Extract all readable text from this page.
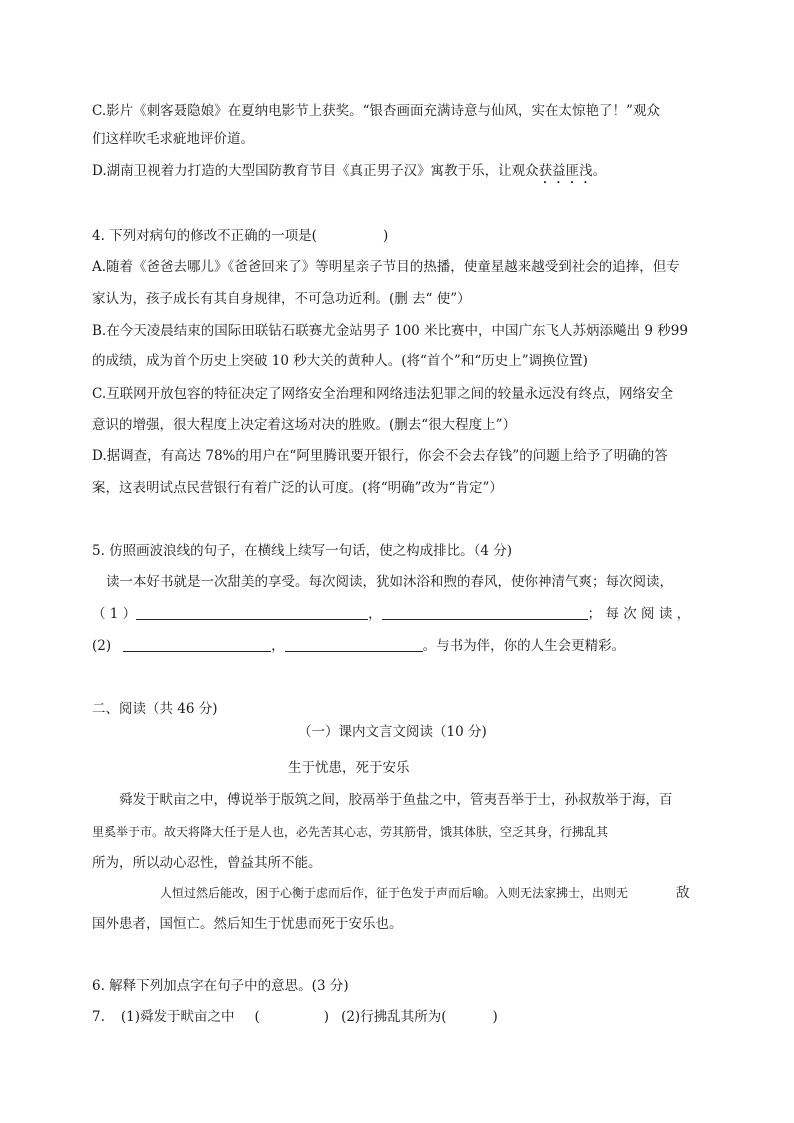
C.影片《刺客聂隐娘》在夏纳电影节上获奖。“银杏画面充满诗意与仙风，实在太惊艳了！”观众
们这样吹毛求疵地评价道。
D.湖南卫视着力打造的大型国防教育节目《真正男子汉》寓教于乐，让观众获益匪浅。
4. 下列对病句的修改不正确的一项是(	)
A.随着《爸爸去哪儿》《爸爸回来了》等明星亲子节目的热播，使童星越来越受到社会的追捧，但专
家认为，孩子成长有其自身规律，不可急功近利。(删 去“ 使”）
B.在今天凌晨结束的国际田联钻石联赛尤金站男子 100 米比赛中，中国广东飞人苏炳添飚出 9 秒99
的成绩，成为首个历史上突破 10 秒大关的黄种人。(将“首个”和“历史上”调换位置)
C.互联网开放包容的特征决定了网络安全治理和网络违法犯罪之间的较量永远没有终点，网络安全
意识的增强，很大程度上决定着这场对决的胜败。(删去“很大程度上”）
D.据调查，有高达 78%的用户在“阿里腾讯要开银行，你会不会去存钱”的问题上给予了明确的答
案，这表明试点民营银行有着广泛的认可度。(将“明确”改为“肯定”）
5. 仿照画波浪线的句子，在横线上续写一句话，使之构成排比。（4 分)
读一本好书就是一次甜美的享受。每次阅读，犹如沐浴和煦的春风，使你神清气爽；每次阅读，
（ 1 ）	，	； 每 次 阅 读 ，
(2)	，	。与书为伴，你的人生会更精彩。
二、阅读（共 46 分)
（一）课内文言文阅读（10 分)
生于忧患，死于安乐
舜发于畎亩之中，傅说举于版筑之间，胶鬲举于鱼盐之中，管夷吾举于士，孙叔敖举于海，百
里奚举于市。故天将降大任于是人也，必先苦其心志，劳其筋骨，饿其体肤，空乏其身，行拂乱其
所为，所以动心忍性，曾益其所不能。
人恒过然后能改，困于心衡于虑而后作，征于色发于声而后喻。入则无法家拂士，出则无	敌
国外患者，国恒亡。然后知生于忧患而死于安乐也。
6. 解释下列加点字在句子中的意思。(3 分)
7. (1)舜发于畎亩之中 (	) (2)行拂乱其所为(	)
